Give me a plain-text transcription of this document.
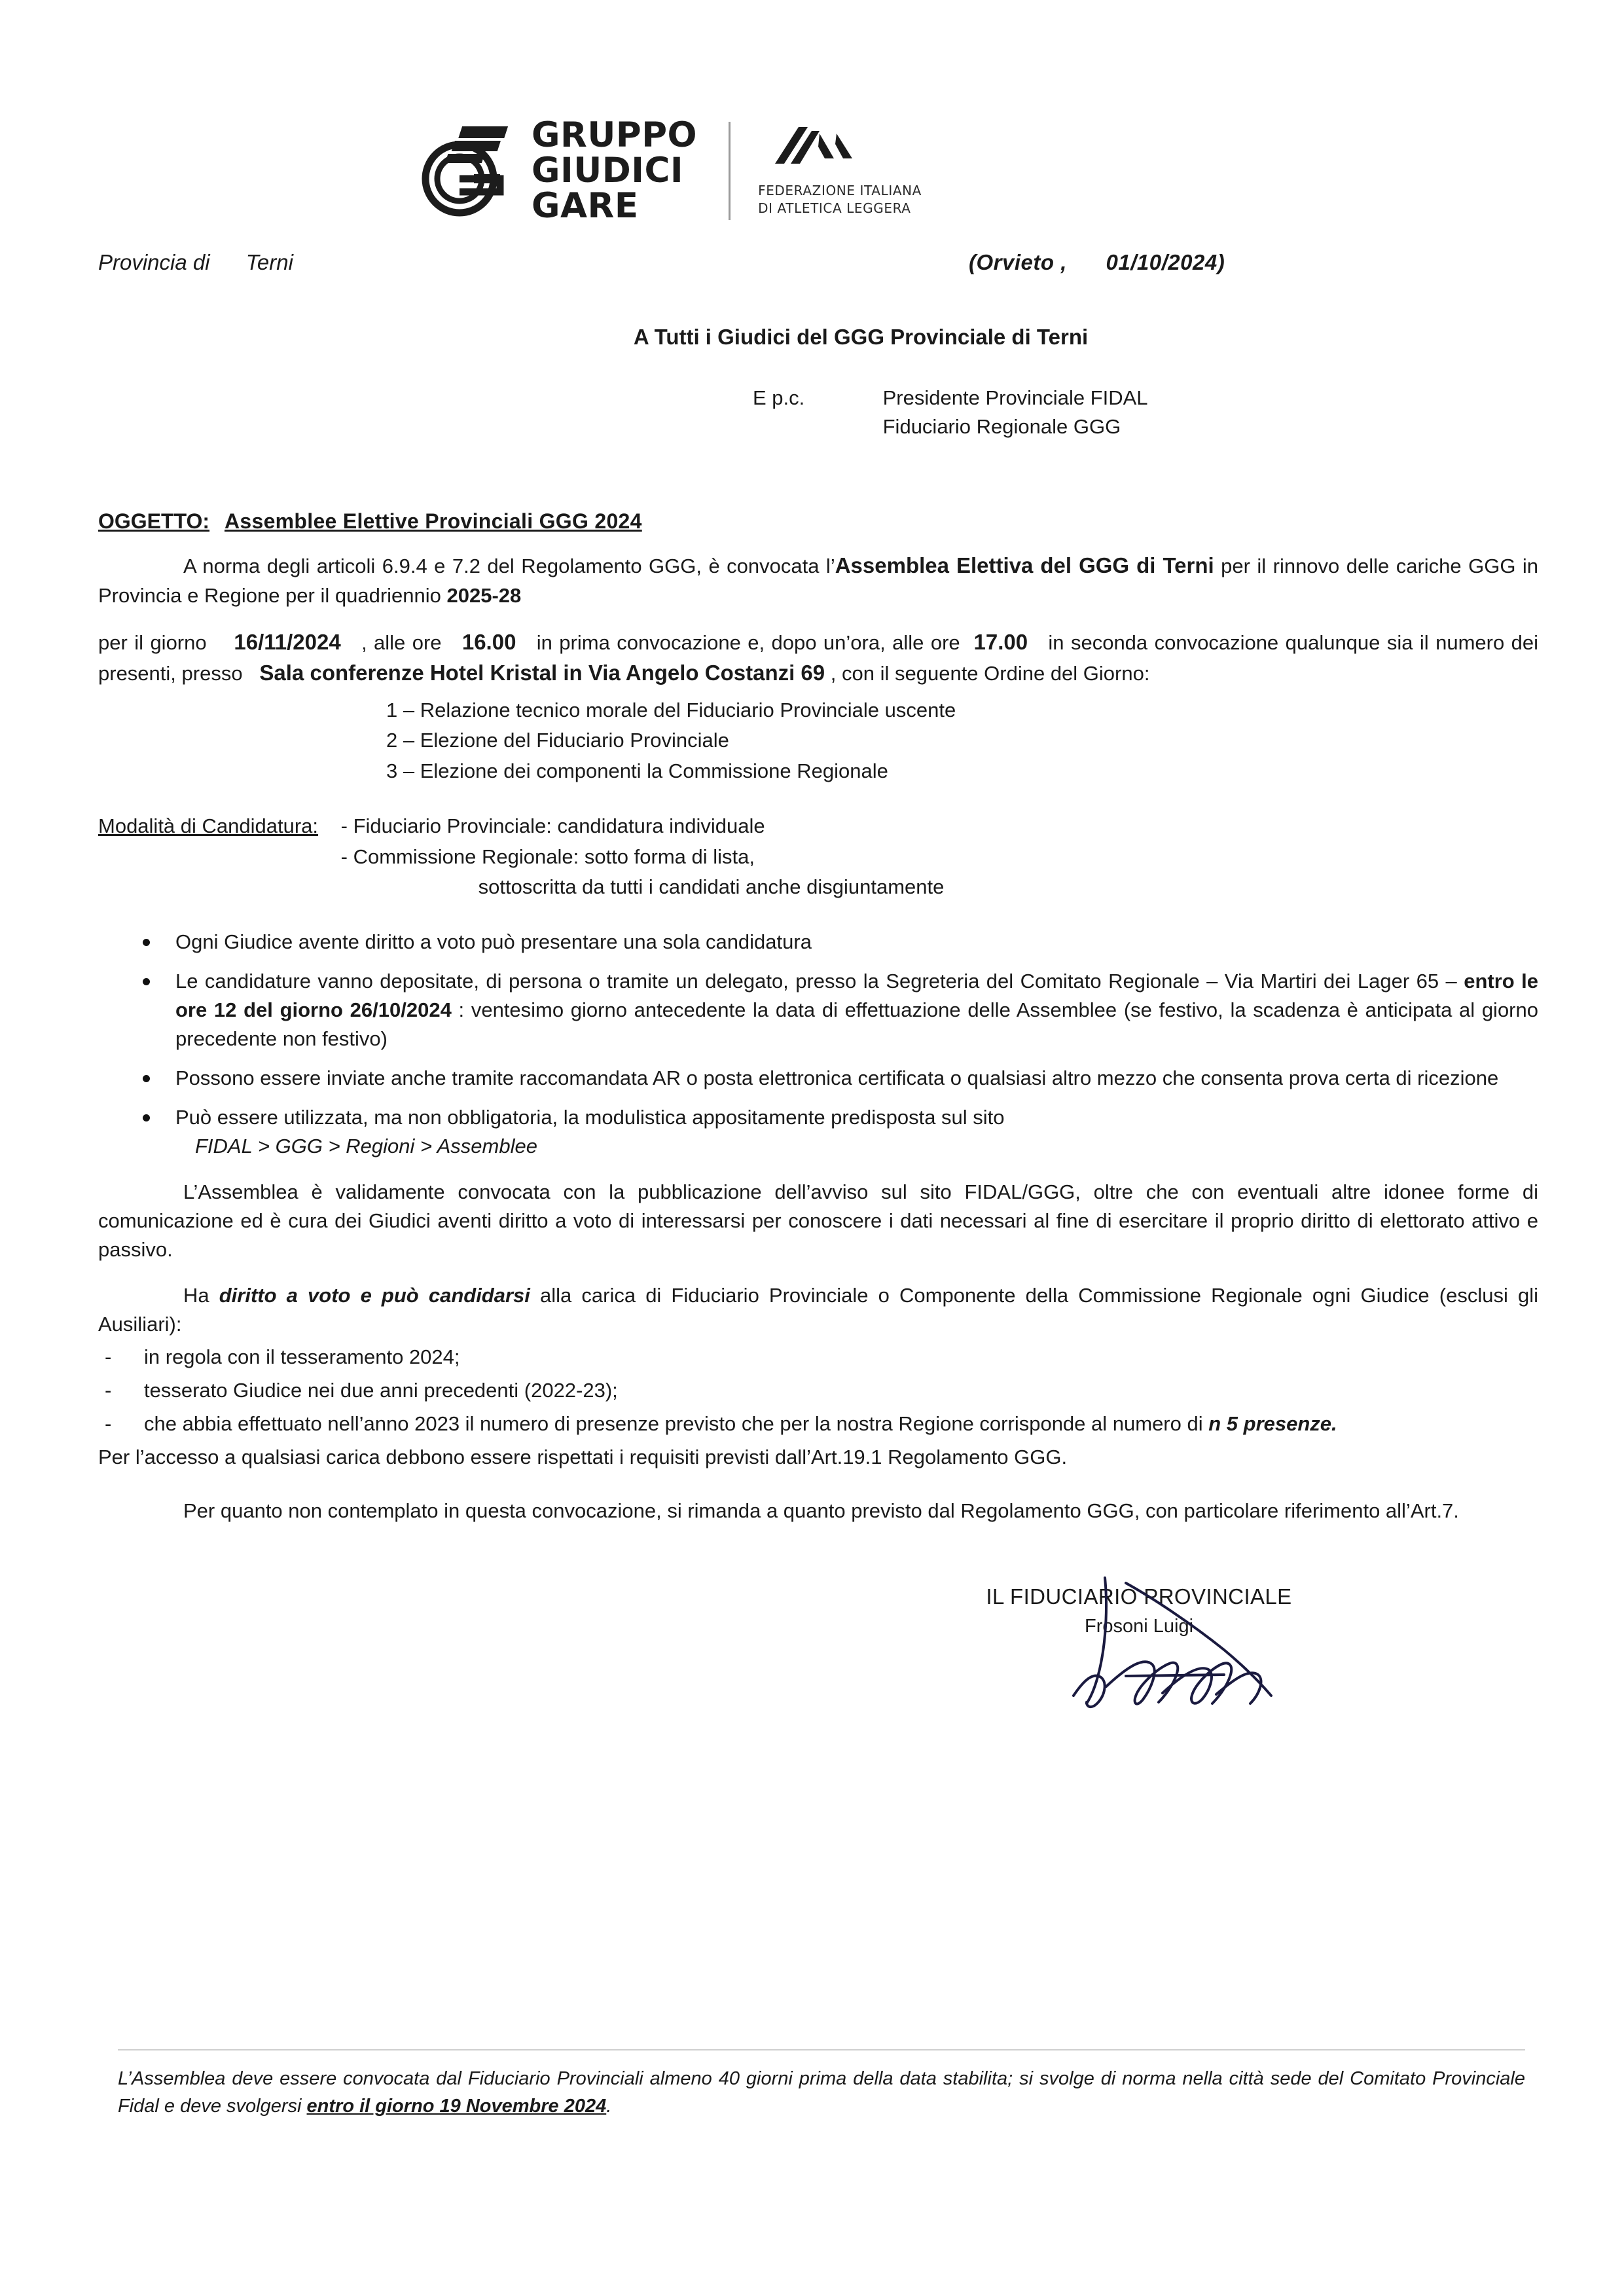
GRUPPO
GIUDICI
GARE	FEDERAZIONE ITALIANA
DI ATLETICA LEGGERA
Provincia di Terni	(Orvieto , 01/10/2024)
A Tutti i Giudici del GGG Provinciale di Terni
E p.c.	Presidente Provinciale FIDAL
Fiduciario Regionale GGG
OGGETTO: Assemblee Elettive Provinciali GGG 2024

A norma degli articoli 6.9.4 e 7.2 del Regolamento GGG, è convocata l’Assemblea Elettiva del GGG di Terni per il rinnovo delle cariche GGG in Provincia e Regione per il quadriennio 2025-28

per il giorno 16/11/2024 , alle ore 16.00 in prima convocazione e, dopo un’ora, alle ore 17.00 in seconda convocazione qualunque sia il numero dei presenti, presso Sala conferenze Hotel Kristal in Via Angelo Costanzi 69 , con il seguente Ordine del Giorno:

1 – Relazione tecnico morale del Fiduciario Provinciale uscente
2 – Elezione del Fiduciario Provinciale
3 – Elezione dei componenti la Commissione Regionale
Modalità di Candidatura: - Fiduciario Provinciale: candidatura individuale
- Commissione Regionale: sotto forma di lista,
sottoscritta da tutti i candidati anche disgiuntamente
Ogni Giudice avente diritto a voto può presentare una sola candidatura
Le candidature vanno depositate, di persona o tramite un delegato, presso la Segreteria del Comitato Regionale – Via Martiri dei Lager 65 – entro le ore 12 del giorno 26/10/2024 : ventesimo giorno antecedente la data di effettuazione delle Assemblee (se festivo, la scadenza è anticipata al giorno precedente non festivo)
Possono essere inviate anche tramite raccomandata AR o posta elettronica certificata o qualsiasi altro mezzo che consenta prova certa di ricezione
Può essere utilizzata, ma non obbligatoria, la modulistica appositamente predisposta sul sito
FIDAL > GGG > Regioni > Assemblee

L’Assemblea è validamente convocata con la pubblicazione dell’avviso sul sito FIDAL/GGG, oltre che con eventuali altre idonee forme di comunicazione ed è cura dei Giudici aventi diritto a voto di interessarsi per conoscere i dati necessari al fine di esercitare il proprio diritto di elettorato attivo e passivo.

Ha diritto a voto e può candidarsi alla carica di Fiduciario Provinciale o Componente della Commissione Regionale ogni Giudice (esclusi gli Ausiliari):

- in regola con il tesseramento 2024;
- tesserato Giudice nei due anni precedenti (2022-23);
- che abbia effettuato nell’anno 2023 il numero di presenze previsto che per la nostra Regione corrisponde al numero di n 5 presenze.

Per l’accesso a qualsiasi carica debbono essere rispettati i requisiti previsti dall’Art.19.1 Regolamento GGG.

Per quanto non contemplato in questa convocazione, si rimanda a quanto previsto dal Regolamento GGG, con particolare riferimento all’Art.7.

IL FIDUCIARIO PROVINCIALE
Frosoni Luigi
L’Assemblea deve essere convocata dal Fiduciario Provinciali almeno 40 giorni prima della data stabilita; si svolge di norma nella città sede del Comitato Provinciale Fidal e deve svolgersi entro il giorno 19 Novembre 2024.
